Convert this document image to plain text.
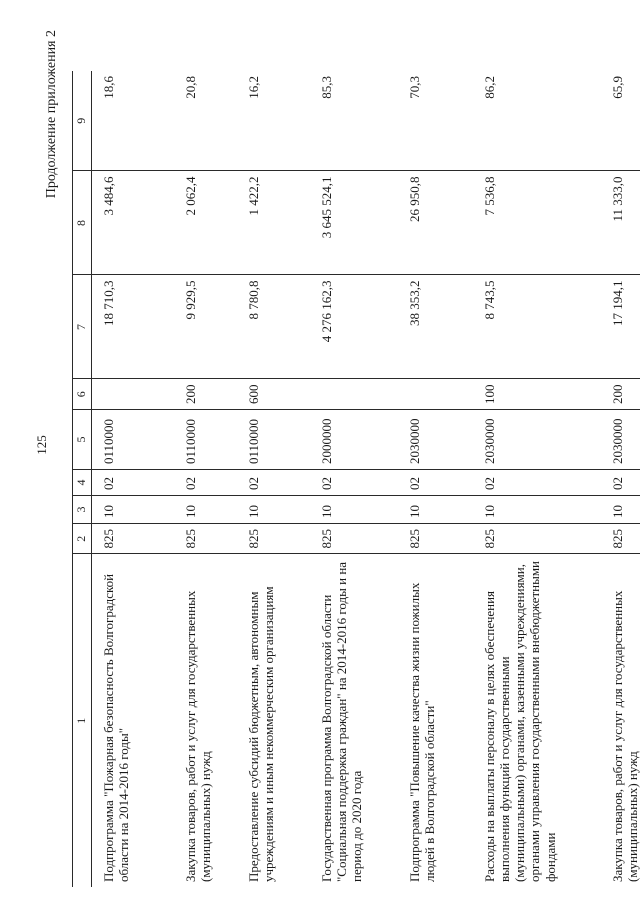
125
Продолжение приложения 2
1	2	3	4	5	6	7	8	9
Подпрограмма "Пожарная безопасность Волгоградской области на 2014-2016 годы"	825	10	02	0110000		18 710,3	3 484,6	18,6
Закупка товаров, работ и услуг для государственных (муниципальных) нужд	825	10	02	0110000	200	9 929,5	2 062,4	20,8
Предоставление субсидий бюджетным, автономным учреждениям и иным некоммерческим организациям	825	10	02	0110000	600	8 780,8	1 422,2	16,2
Государственная программа Волгоградской области "Социальная поддержка граждан" на 2014-2016 годы и на период до 2020 года	825	10	02	2000000		4 276 162,3	3 645 524,1	85,3
Подпрограмма "Повышение качества жизни пожилых людей в Волгоградской области"	825	10	02	2030000		38 353,2	26 950,8	70,3
Расходы на выплаты персоналу в целях обеспечения выполнения функций государственными (муниципальными) органами, казенными учреждениями, органами управления государственными внебюджетными фондами	825	10	02	2030000	100	8 743,5	7 536,8	86,2
Закупка товаров, работ и услуг для государственных (муниципальных) нужд	825	10	02	2030000	200	17 194,1	11 333,0	65,9
